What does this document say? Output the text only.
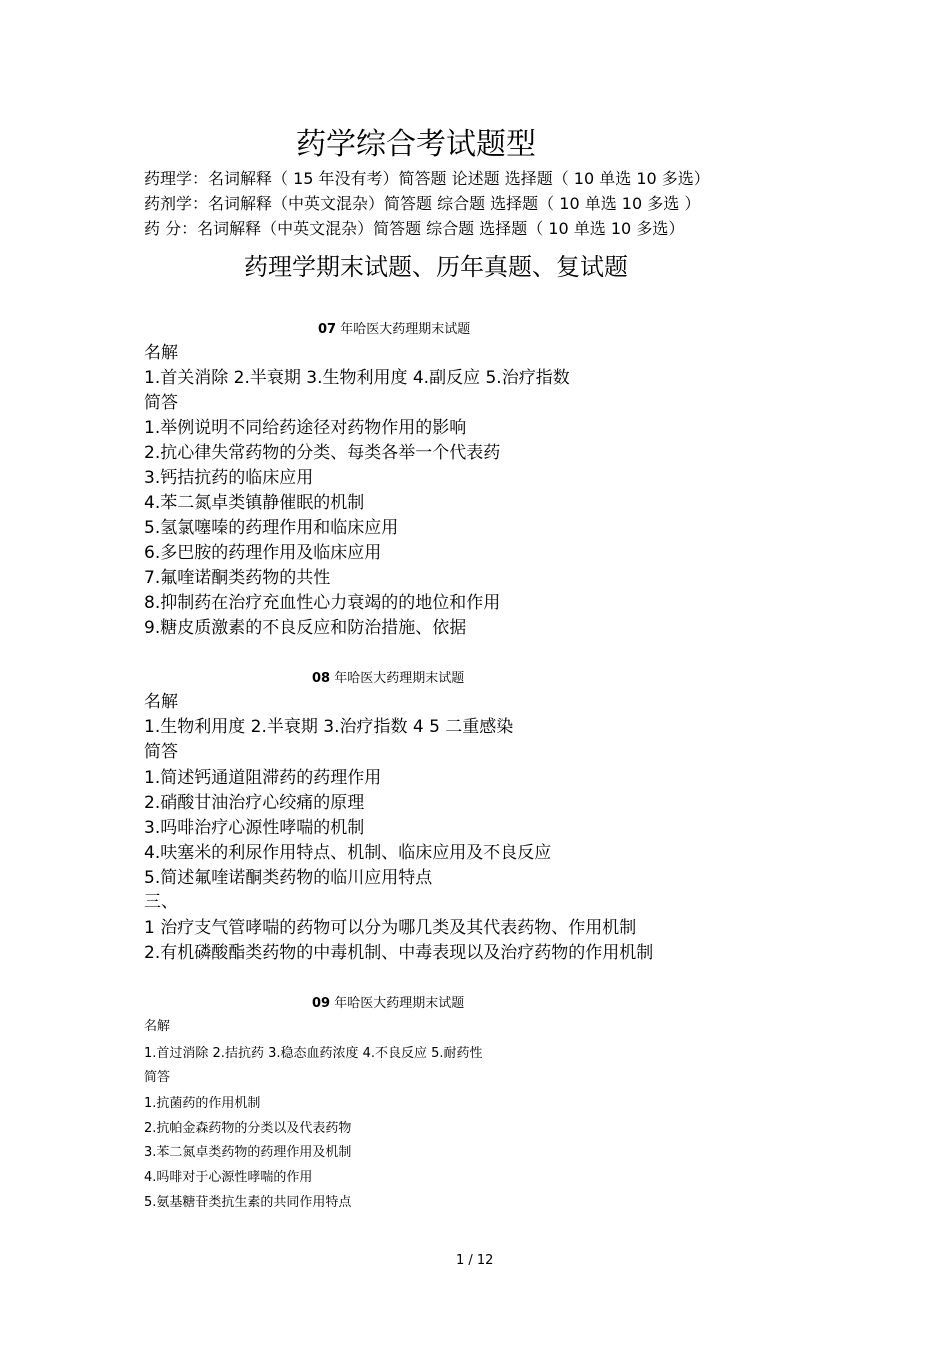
药学综合考试题型
药理学：名词解释（ 15 年没有考）简答题 论述题 选择题（ 10 单选 10 多选）
药剂学：名词解释（中英文混杂）简答题 综合题 选择题（ 10 单选 10 多选 ）
药 分：名词解释（中英文混杂）简答题 综合题 选择题（ 10 单选 10 多选）
药理学期末试题、历年真题、复试题
07 年哈医大药理期末试题
名解
1.首关消除 2.半衰期 3.生物利用度 4.副反应 5.治疗指数
简答
1.举例说明不同给药途径对药物作用的影响
2.抗心律失常药物的分类、每类各举一个代表药
3.钙拮抗药的临床应用
4.苯二氮卓类镇静催眠的机制
5.氢氯噻嗪的药理作用和临床应用
6.多巴胺的药理作用及临床应用
7.氟喹诺酮类药物的共性
8.抑制药在治疗充血性心力衰竭的的地位和作用
9.糖皮质激素的不良反应和防治措施、依据
08 年哈医大药理期末试题
名解
1.生物利用度 2.半衰期 3.治疗指数 4 5 二重感染
简答
1.简述钙通道阻滞药的药理作用
2.硝酸甘油治疗心绞痛的原理
3.吗啡治疗心源性哮喘的机制
4.呋塞米的利尿作用特点、机制、临床应用及不良反应
5.简述氟喹诺酮类药物的临川应用特点
三、
1 治疗支气管哮喘的药物可以分为哪几类及其代表药物、作用机制
2.有机磷酸酯类药物的中毒机制、中毒表现以及治疗药物的作用机制
09 年哈医大药理期末试题
名解
1.首过消除 2.拮抗药 3.稳态血药浓度 4.不良反应 5.耐药性
简答
1.抗菌药的作用机制
2.抗帕金森药物的分类以及代表药物
3.苯二氮卓类药物的药理作用及机制
4.吗啡对于心源性哮喘的作用
5.氨基糖苷类抗生素的共同作用特点
1 / 12
